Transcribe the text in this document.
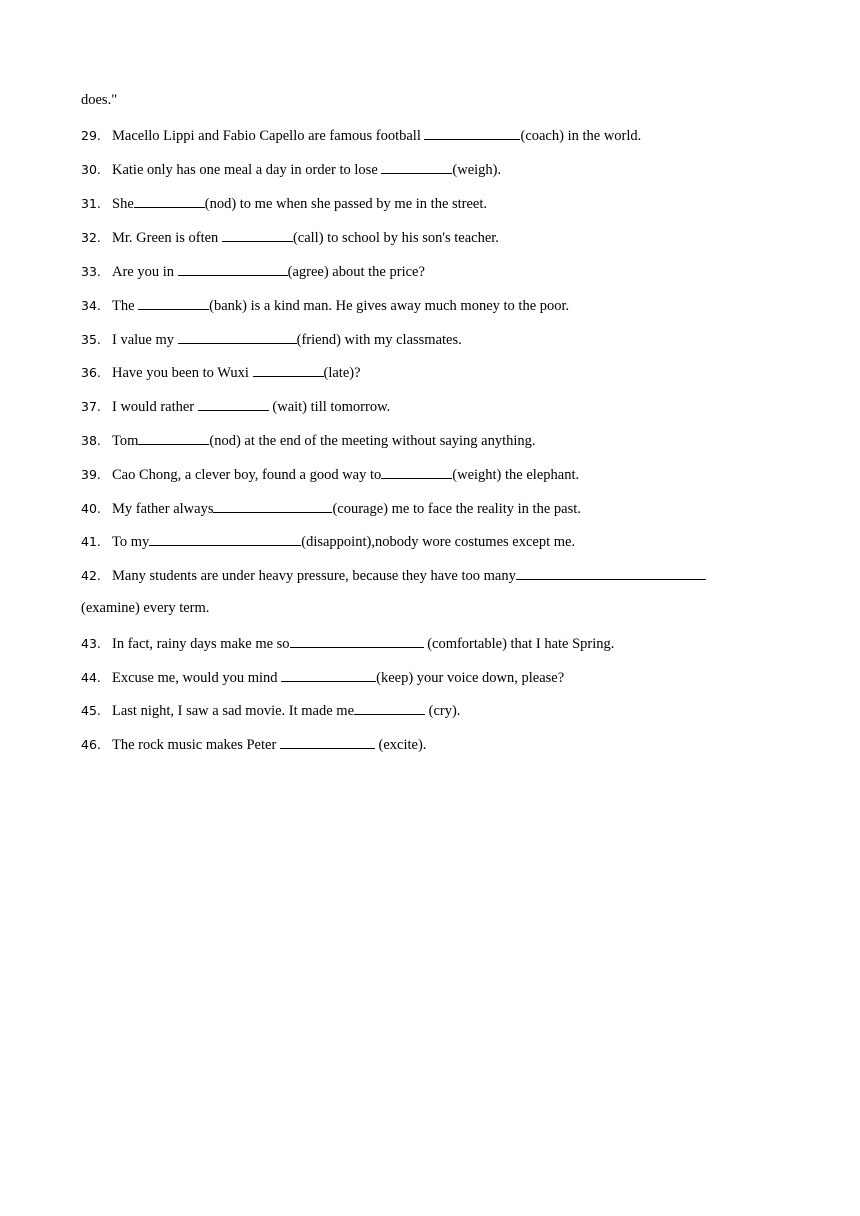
does."
29. Macello Lippi and Fabio Capello are famous football	(coach) in the world.
30. Katie only has one meal a day in order to lose	(weigh).
31. She	(nod) to me when she passed by me in the street.
32. Mr. Green is often	(call) to school by his son's teacher.
33. Are you in	(agree) about the price?
34. The	(bank) is a kind man. He gives away much money to the poor.
35. I value my	(friend) with my classmates.
36. Have you been to Wuxi	(late)?
37. I would rather	(wait) till tomorrow.
38. Tom	(nod) at the end of the meeting without saying anything.
39. Cao Chong, a clever boy, found a good way to	(weight) the elephant.
40. My father always	(courage) me to face the reality in the past.
41. To my	(disappoint),nobody wore costumes except me.
42. Many students are under heavy pressure, because they have too many
(examine) every term.
43. In fact, rainy days make me so	(comfortable) that I hate Spring.
44. Excuse me, would you mind	(keep) your voice down, please?
45. Last night, I saw a sad movie. It made me	(cry).
46. The rock music makes Peter	(excite).
